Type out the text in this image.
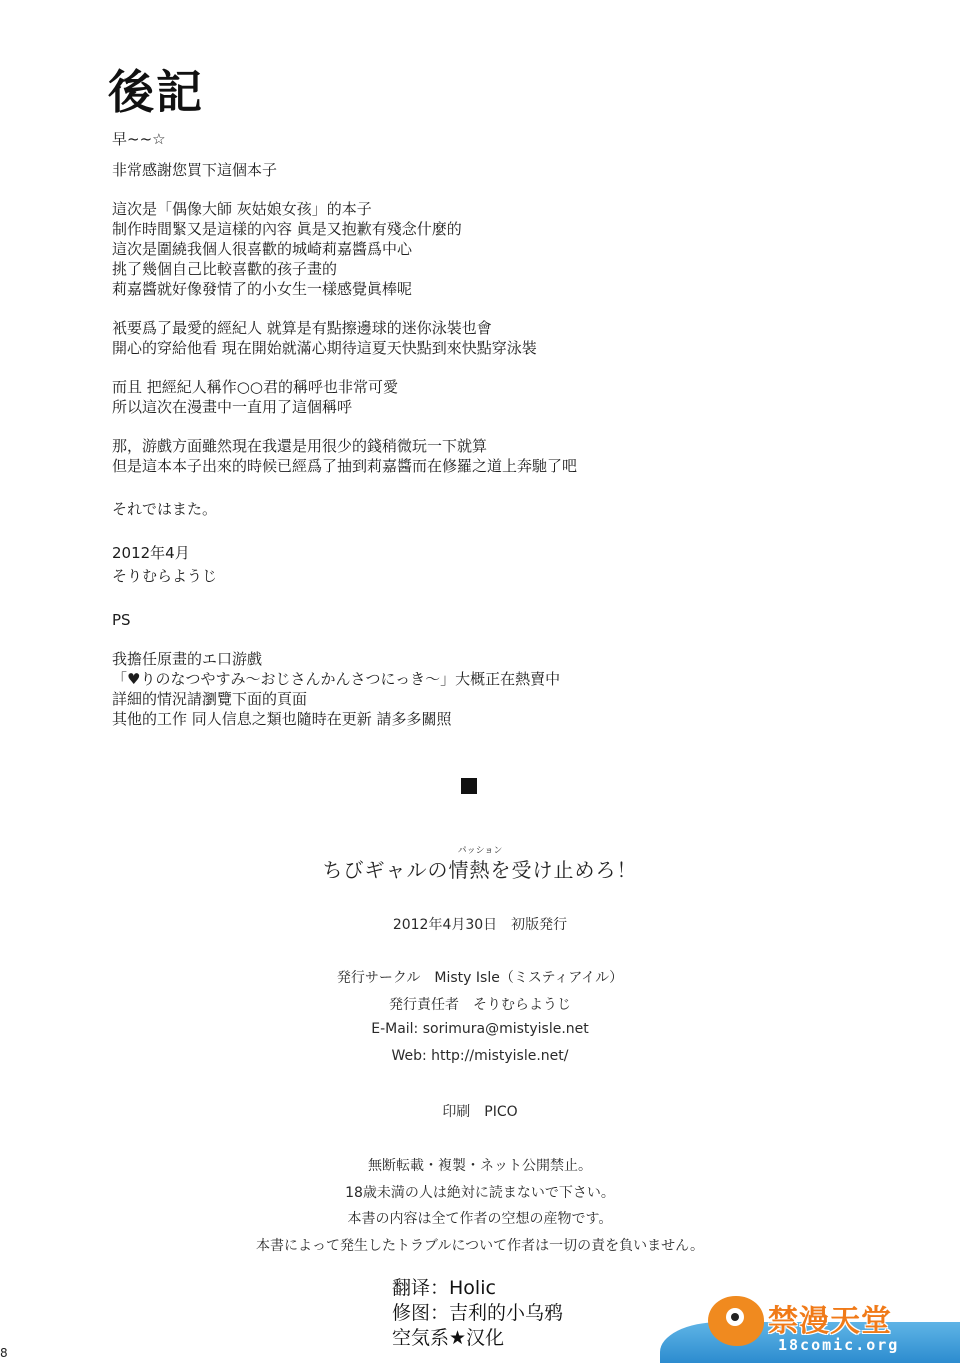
後記
早~~☆
非常感謝您買下這個本子
這次是「偶像大師 灰姑娘女孩」的本子
制作時間緊又是這樣的內容 眞是又抱歉有殘念什麼的
這次是圍繞我個人很喜歡的城崎莉嘉醬爲中心
挑了幾個自己比較喜歡的孩子畫的
莉嘉醬就好像發情了的小女生一樣感覺眞棒呢
衹要爲了最愛的經紀人 就算是有點擦邊球的迷你泳裝也會
開心的穿給他看 現在開始就滿心期待這夏天快點到來快點穿泳裝
而且 把經紀人稱作○○君的稱呼也非常可愛
所以這次在漫畫中一直用了這個稱呼
那，游戲方面雖然現在我還是用很少的錢稍微玩一下就算
但是這本本子出來的時候已經爲了抽到莉嘉醬而在修羅之道上奔馳了吧
それではまた。
2012年4月
そりむらようじ
PS
我擔任原畫的エ口游戲
「♥りのなつやすみ～おじさんかんさつにっき～」大概正在熱賣中
詳細的情況請瀏覽下面的頁面
其他的工作 同人信息之類也隨時在更新 請多多關照
パッション
ちびギャルの情熱を受け止めろ！
2012年4月30日　初版発行
発行サークル　Misty Isle（ミスティアイル）
発行責任者　そりむらようじ
E-Mail: sorimura@mistyisle.net
Web: http://mistyisle.net/
印刷　PICO
無断転載・複製・ネット公開禁止。
18歳未満の人は絶対に読まないで下さい。
本書の内容は全て作者の空想の産物です。
本書によって発生したトラブルについて作者は一切の責を負いません。
翻译：Holic
修图：吉利的小乌鸦
空気系★汉化
8
禁漫天堂
18comic.org
